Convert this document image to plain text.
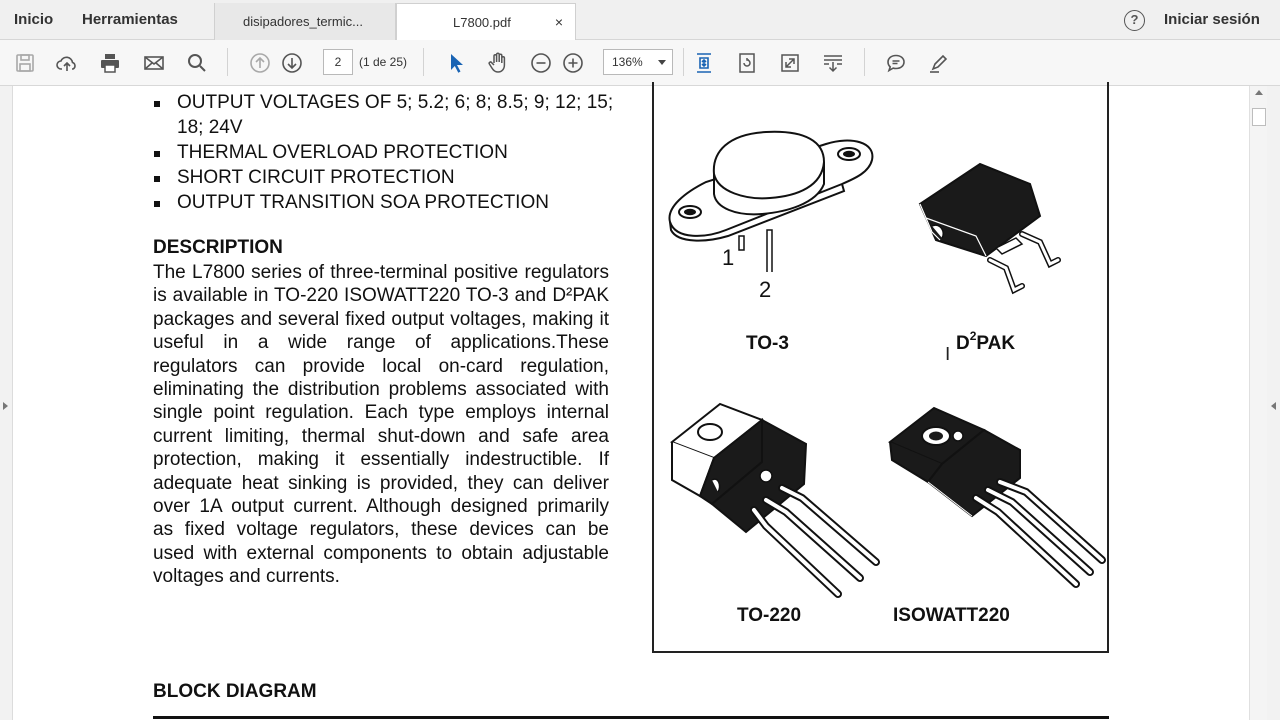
Inicio Herramientas	disipadores_termic...	L7800.pdf	×	?	Iniciar sesión
2	(1 de 25)	136%
OUTPUT VOLTAGES OF 5; 5.2; 6; 8; 8.5; 9; 12; 15; 18; 24V
THERMAL OVERLOAD PROTECTION
SHORT CIRCUIT PROTECTION
OUTPUT TRANSITION SOA PROTECTION
DESCRIPTION
The L7800 series of three-terminal positive regulators is available in TO-220 ISOWATT220 TO-3 and D²PAK packages and several fixed output voltages, making it useful in a wide range of applications.These regulators can provide local on-card regulation, eliminating the distribution problems associated with single point regulation. Each type employs internal current limiting, thermal shut-down and safe area protection, making it essentially indestructible. If adequate heat sinking is provided, they can deliver over 1A output current. Although designed primarily as fixed voltage regulators, these devices can be used with external components to obtain adjustable voltages and currents.
1
2
TO-3	$D^2PAK$
TO-220	ISOWATT220
I
BLOCK DIAGRAM
